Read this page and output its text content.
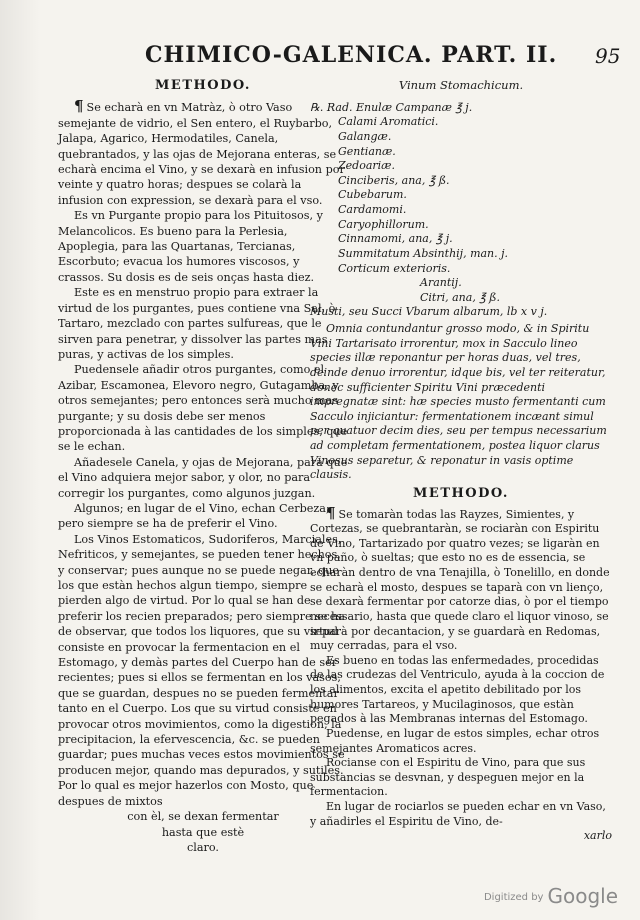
CHIMICO-GALENICA. PART. II. 95
METHODO.

¶ Se echarà en vn Matràz, ò otro Vaso semejante de vidrio, el Sen entero, el Ruybarbo, Jalapa, Agarico, Hermodatiles, Canela, quebrantados, y las ojas de Mejorana enteras, se echarà encima el Vino, y se dexarà en infusion por veinte y quatro horas; despues se colarà la infusion con expression, se dexarà para el vso.

Es vn Purgante propio para los Pituitosos, y Melancolicos. Es bueno para la Perlesia, Apoplegia, para las Quartanas, Tercianas, Escorbuto; evacua los humores viscosos, y crassos. Su dosis es de seis onças hasta diez.

Este es en menstruo propio para extraer la virtud de los purgantes, pues contiene vna Sal, ò Tartaro, mezclado con partes sulfureas, que le sirven para penetrar, y dissolver las partes mas puras, y activas de los simples.

Puedensele añadir otros purgantes, como el Azibar, Escamonea, Elevoro negro, Gutagamba, y otros semejantes; pero entonces serà mucho mas purgante; y su dosis debe ser menos proporcionada à las cantidades de los simples, que se le echan.

Añadesele Canela, y ojas de Mejorana, para que el Vino adquiera mejor sabor, y olor, no para corregir los purgantes, como algunos juzgan.

Algunos; en lugar de el Vino, echan Cerbeza; pero siempre se ha de preferir el Vino.

Los Vinos Estomaticos, Sudoriferos, Marciales, Nefriticos, y semejantes, se pueden tener hechos, y conservar; pues aunque no se puede negar, que los que estàn hechos algun tiempo, siempre pierden algo de virtud. Por lo qual se han de preferir los recien preparados; pero siempre se ha de observar, que todos los liquores, que su virtud consiste en provocar la fermentacion en el Estomago, y demàs partes del Cuerpo han de ser recientes; pues si ellos se fermentan en los vasos, que se guardan, despues no se pueden fermentar tanto en el Cuerpo. Los que su virtud consiste en provocar otros movimientos, como la digestion, la precipitacion, la efervescencia, &c. se pueden guardar; pues muchas veces estos movimientos se producen mejor, quando mas depurados, y sutiles. Por lo qual es mejor hazerlos con Mosto, que despues de mixtos

con èl, se dexan fermentar
hasta que estè
claro.
Vinum Stomachicum.
℞. Rad. Enulæ Campanæ ℥ j.
Calami Aromatici.
Galangæ.
Gentianæ.
Zedoariæ.
Cinciberis, ana, ℥ ß.
Cubebarum.
Cardamomi.
Caryophillorum.
Cinnamomi, ana, ℥ j.
Summitatum Absinthij, man. j.
Corticum exterioris.
Arantij.
Citri, ana, ℥ ß.
Musti, seu Succi Vbarum albarum, lb x v j.

Omnia contundantur grosso modo, & in Spiritu Vini Tartarisato irrorentur, mox in Sacculo lineo species illæ reponantur per horas duas, vel tres, deinde denuo irrorentur, idque bis, vel ter reiteratur, donec sufficienter Spiritu Vini præcedenti impregnatæ sint: hæ species musto fermentanti cum Sacculo injiciantur: fermentationem incæant simul per quatuor decim dies, seu per tempus necessarium ad completam fermentationem, postea liquor clarus Vinosus separetur, & reponatur in vasis optime clausis.

METHODO.

¶ Se tomaràn todas las Rayzes, Simientes, y Cortezas, se quebrantaràn, se rociaràn con Espiritu de Vino, Tartarizado por quatro vezes; se ligaràn en vn paño, ò sueltas; que esto no es de essencia, se echaràn dentro de vna Tenajilla, ò Tonelillo, en donde se echarà el mosto, despues se taparà con vn lienço, se dexarà fermentar por catorze dias, ò por el tiempo necessario, hasta que quede claro el liquor vinoso, se separà por decantacion, y se guardarà en Redomas, muy cerradas, para el vso.

Es bueno en todas las enfermedades, procedidas de las crudezas del Ventriculo, ayuda à la coccion de los alimentos, excita el apetito debilitado por los humores Tartareos, y Mucilaginosos, que estàn pegados à las Membranas internas del Estomago.

Puedense, en lugar de estos simples, echar otros semejantes Aromaticos acres.

Rocianse con el Espiritu de Vino, para que sus substancias se desvnan, y despeguen mejor en la fermentacion.

En lugar de rociarlos se pueden echar en vn Vaso, y añadirles el Espiritu de Vino, de-

xarlo
Digitized by Google
